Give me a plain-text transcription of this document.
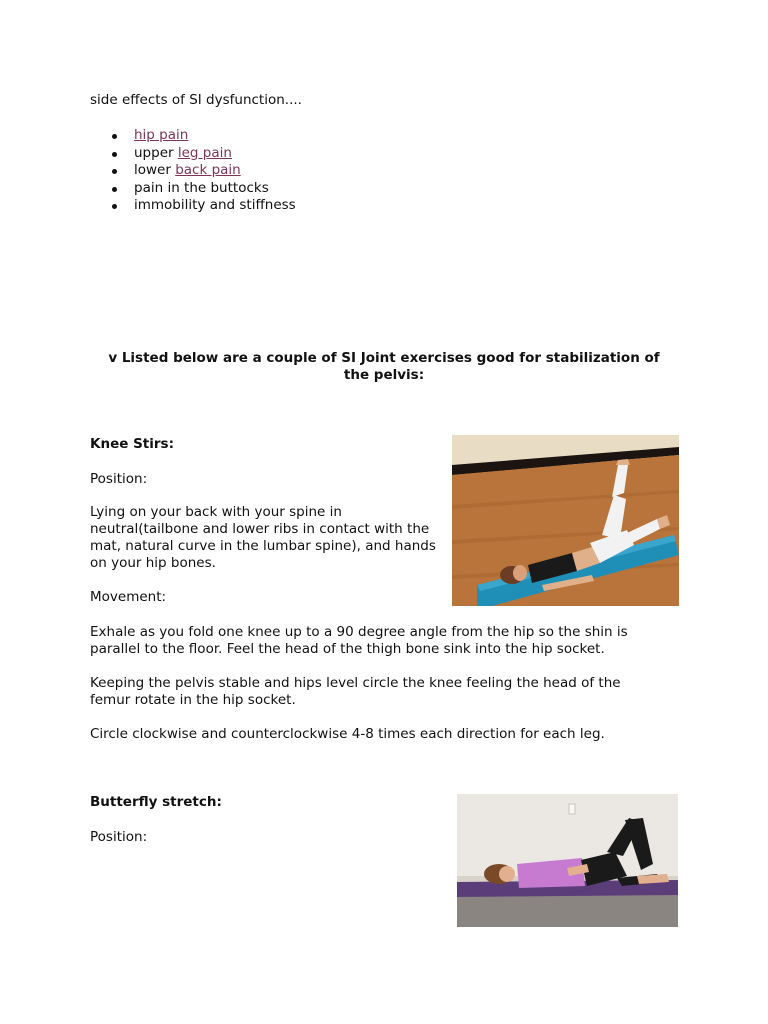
side effects of SI dysfunction....

hip pain
upper leg pain
lower back pain
pain in the buttocks
immobility and stiffness
v Listed below are a couple of SI Joint exercises good for stabilization of
the pelvis:

Knee Stirs:

Position:

Lying on your back with your spine in
neutral(tailbone and lower ribs in contact with the
mat, natural curve in the lumbar spine), and hands
on your hip bones.

Movement:

Exhale as you fold one knee up to a 90 degree angle from the hip so the shin is
parallel to the floor. Feel the head of the thigh bone sink into the hip socket.
Keeping the pelvis stable and hips level circle the knee feeling the head of the
femur rotate in the hip socket.

Circle clockwise and counterclockwise 4-8 times each direction for each leg.

Butterfly stretch:

Position:
